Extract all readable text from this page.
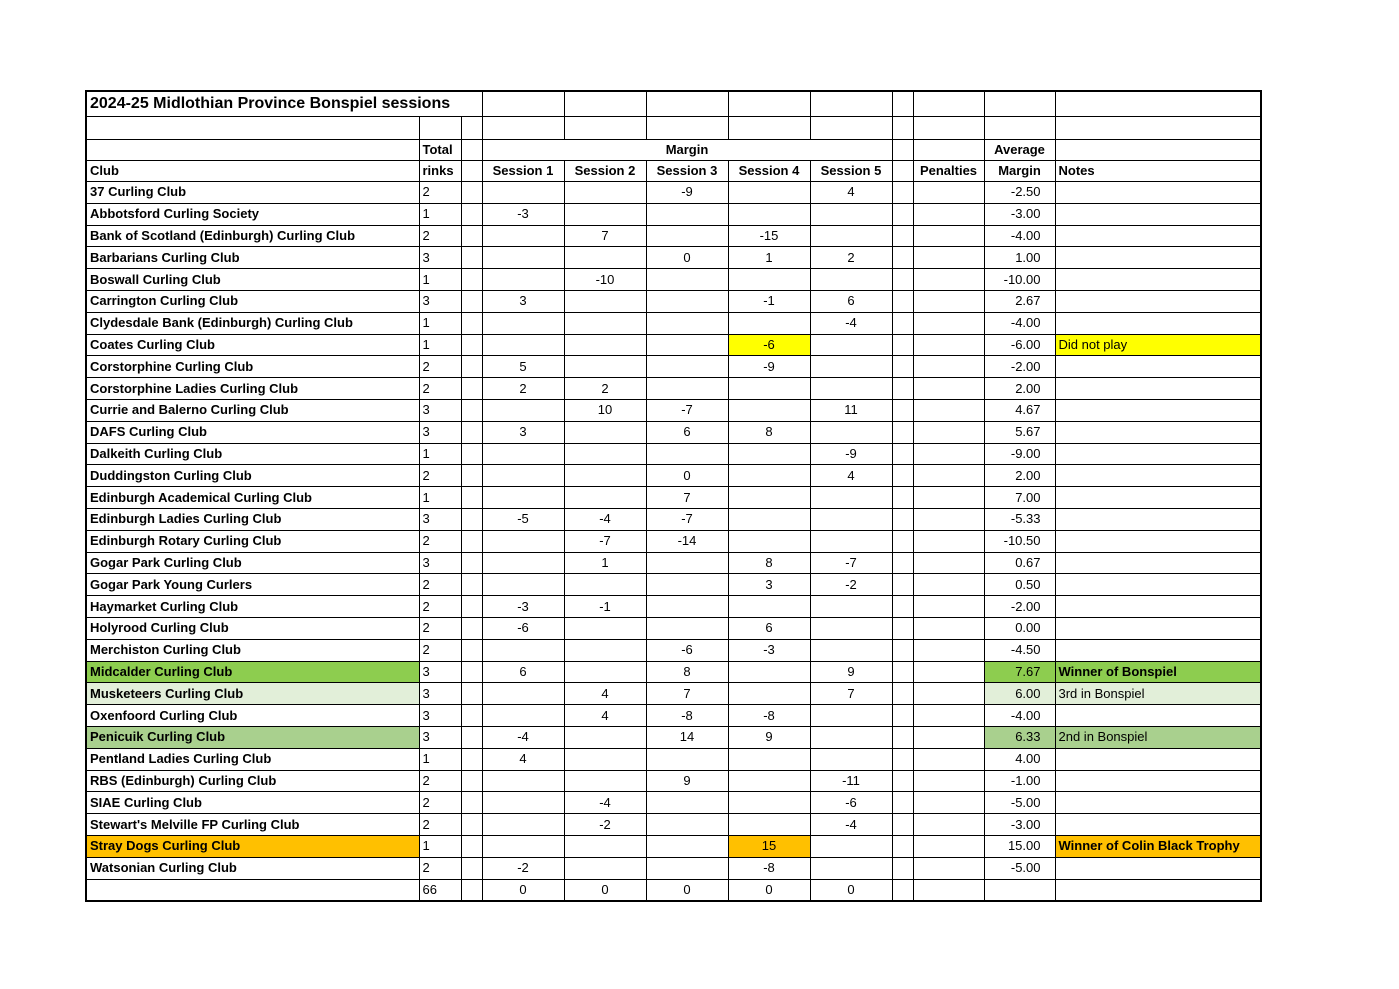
2024-25 Midlothian Province Bonspiel sessions											

	Total		Margin							Average	
Club	rinks		Session 1	Session 2	Session 3	Session 4	Session 5		Penalties	Margin	Notes
37 Curling Club	2				-9		4			-2.50	
Abbotsford Curling Society	1		-3							-3.00	
Bank of Scotland (Edinburgh) Curling Club	2			7		-15				-4.00	
Barbarians Curling Club	3				0	1	2			1.00	
Boswall Curling Club	1			-10						-10.00	
Carrington Curling Club	3		3			-1	6			2.67	
Clydesdale Bank (Edinburgh) Curling Club	1						-4			-4.00	
Coates Curling Club	1					-6				-6.00	Did not play
Corstorphine Curling Club	2		5			-9				-2.00	
Corstorphine Ladies Curling Club	2		2	2						2.00	
Currie and Balerno Curling Club	3			10	-7		11			4.67	
DAFS Curling Club	3		3		6	8				5.67	
Dalkeith Curling Club	1						-9			-9.00	
Duddingston Curling Club	2				0		4			2.00	
Edinburgh Academical Curling Club	1				7					7.00	
Edinburgh Ladies Curling Club	3		-5	-4	-7					-5.33	
Edinburgh Rotary Curling Club	2			-7	-14					-10.50	
Gogar Park Curling Club	3			1		8	-7			0.67	
Gogar Park Young Curlers	2					3	-2			0.50	
Haymarket Curling Club	2		-3	-1						-2.00	
Holyrood Curling Club	2		-6			6				0.00	
Merchiston Curling Club	2				-6	-3				-4.50	
Midcalder Curling Club	3		6		8		9			7.67	Winner of Bonspiel
Musketeers Curling Club	3			4	7		7			6.00	3rd in Bonspiel
Oxenfoord Curling Club	3			4	-8	-8				-4.00	
Penicuik Curling Club	3		-4		14	9				6.33	2nd in Bonspiel
Pentland Ladies Curling Club	1		4							4.00	
RBS (Edinburgh) Curling Club	2				9		-11			-1.00	
SIAE Curling Club	2			-4			-6			-5.00	
Stewart's Melville FP Curling Club	2			-2			-4			-3.00	
Stray Dogs Curling Club	1					15				15.00	Winner of Colin Black Trophy
Watsonian Curling Club	2		-2			-8				-5.00	
	66		0	0	0	0	0				
